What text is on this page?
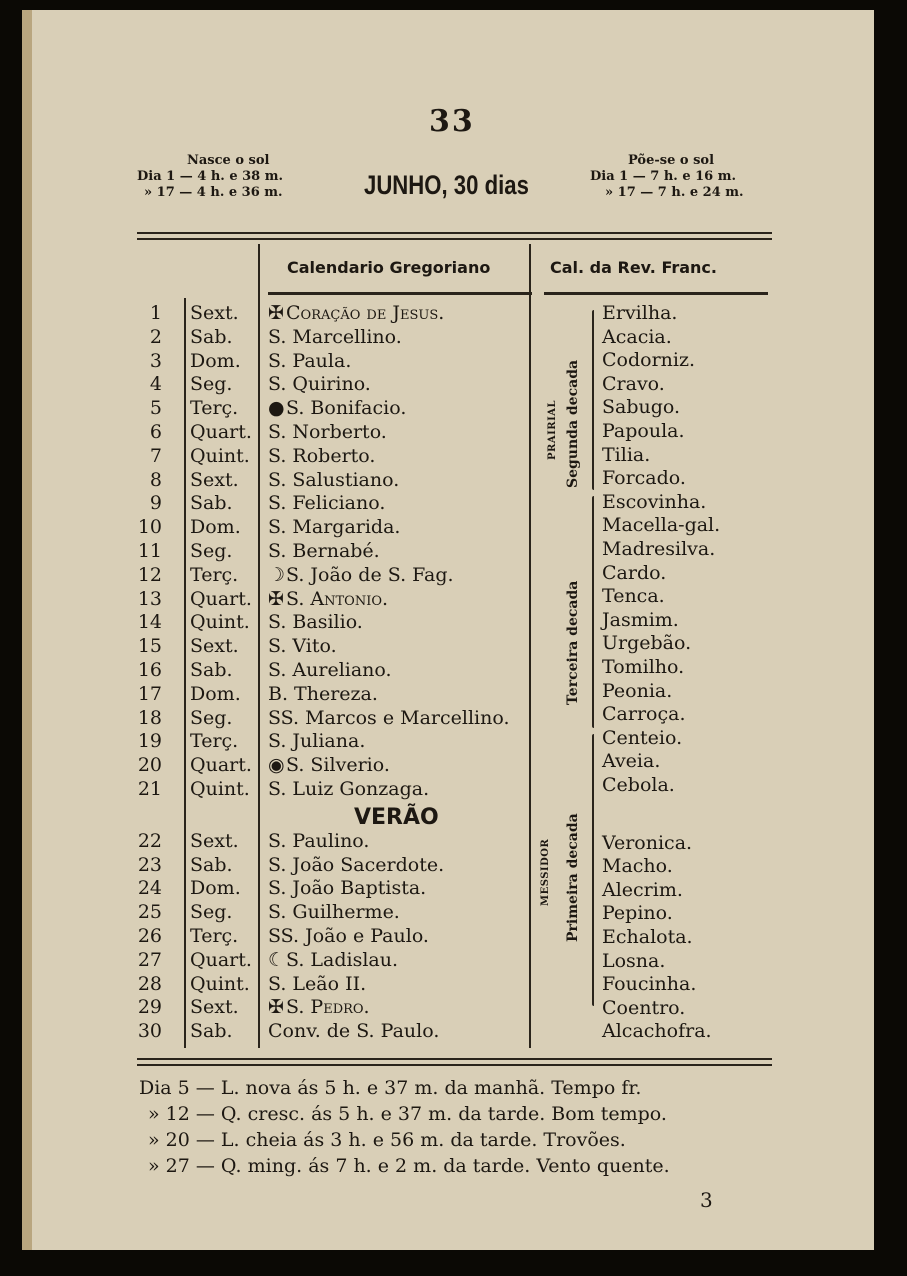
33
Nasce o sol
Dia 1 — 4 h. e 38 m.
» 17 — 4 h. e 36 m.	JUNHO, 30 dias
Põe-se o sol
Dia 1 — 7 h. e 16 m.
» 17 — 7 h. e 24 m.
Calendario Gregoriano	Cal. da Rev. Franc.
1 Sext. ✠ Coração de Jesus.	Ervilha.
2 Sab. S. Marcellino.	Acacia.
3 Dom. S. Paula.	Codorniz.
4 Seg. S. Quirino.	Cravo.
5 Terç. ●S. Bonifacio.	Sabugo.
6 Quart. S. Norberto.	Papoula.
7 Quint. S. Roberto.	Tilia.
8 Sext. S. Salustiano.	Forcado.
9 Sab. S. Feliciano.	Escovinha.
10 Dom. S. Margarida.	Macella-gal.
11 Seg. S. Bernabé.	Madresilva.
12 Terç. ☽S. João de S. Fag.	Cardo.
13 Quart. ✠ S. Antonio.	Tenca.
14 Quint. S. Basilio.	Jasmim.
15 Sext. S. Vito.	Urgebão.
16 Sab. S. Aureliano.	Tomilho.
17 Dom. B. Thereza.	Peonia.
18 Seg. SS. Marcos e Marcellino.	Carroça.
19 Terç. S. Juliana.	Centeio.
20 Quart. ◉S. Silverio.	Aveia.
21 Quint. S. Luiz Gonzaga.	Cebola.
22 Sext. S. Paulino.	Veronica.
23 Sab. S. João Sacerdote.	Macho.
24 Dom. S. João Baptista.	Alecrim.
25 Seg. S. Guilherme.	Pepino.
26 Terç. SS. João e Paulo.	Echalota.
27 Quart. ☾S. Ladislau.	Losna.
28 Quint. S. Leão II.	Foucinha.
29 Sext. ✠ S. Pedro.	Coentro.
30 Sab. Conv. de S. Paulo.	Alcachofra.
VERÃO
PRAIRIAL Segunda decada
Terceira decada
MESSIDOR Primeira decada
Dia 5 — L. nova ás 5 h. e 37 m. da manhã. Tempo fr.
» 12 — Q. cresc. ás 5 h. e 37 m. da tarde. Bom tempo.
» 20 — L. cheia ás 3 h. e 56 m. da tarde. Trovões.
» 27 — Q. ming. ás 7 h. e 2 m. da tarde. Vento quente.
3
